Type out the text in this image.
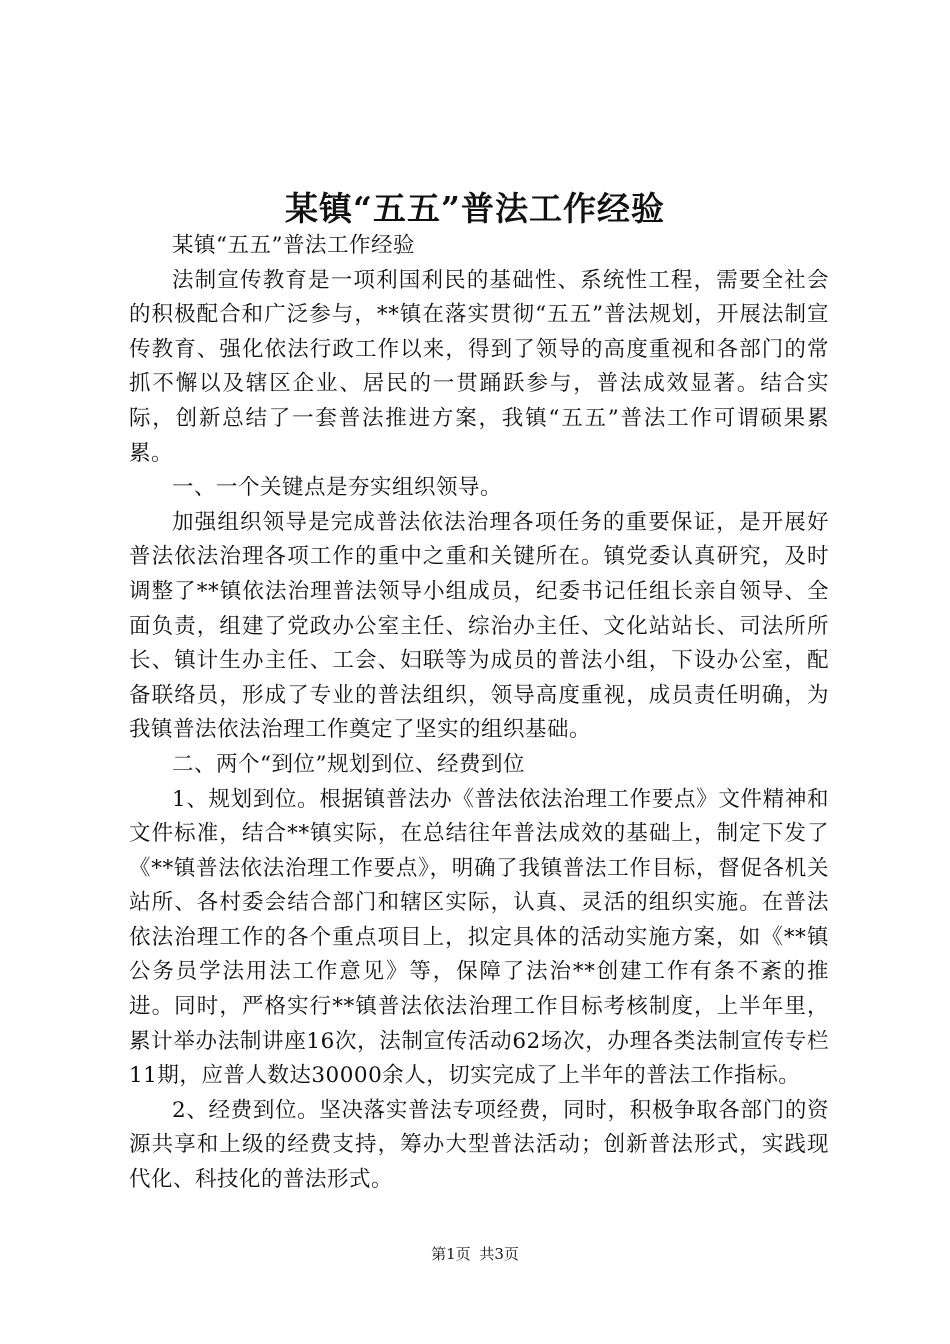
某镇“五五”普法工作经验

某镇“五五”普法工作经验

法制宣传教育是一项利国利民的基础性、系统性工程，需要全社会的积极配合和广泛参与，**镇在落实贯彻“五五”普法规划，开展法制宣传教育、强化依法行政工作以来，得到了领导的高度重视和各部门的常抓不懈以及辖区企业、居民的一贯踊跃参与，普法成效显著。结合实际，创新总结了一套普法推进方案，我镇“五五”普法工作可谓硕果累累。

一、一个关键点是夯实组织领导。

加强组织领导是完成普法依法治理各项任务的重要保证，是开展好普法依法治理各项工作的重中之重和关键所在。镇党委认真研究，及时调整了**镇依法治理普法领导小组成员，纪委书记任组长亲自领导、全面负责，组建了党政办公室主任、综治办主任、文化站站长、司法所所长、镇计生办主任、工会、妇联等为成员的普法小组，下设办公室，配备联络员，形成了专业的普法组织，领导高度重视，成员责任明确，为我镇普法依法治理工作奠定了坚实的组织基础。

二、两个“到位”规划到位、经费到位

1、规划到位。根据镇普法办《普法依法治理工作要点》文件精神和文件标准，结合**镇实际，在总结往年普法成效的基础上，制定下发了《**镇普法依法治理工作要点》，明确了我镇普法工作目标，督促各机关站所、各村委会结合部门和辖区实际，认真、灵活的组织实施。在普法依法治理工作的各个重点项目上，拟定具体的活动实施方案，如《**镇公务员学法用法工作意见》等，保障了法治**创建工作有条不紊的推进。同时，严格实行**镇普法依法治理工作目标考核制度，上半年里，累计举办法制讲座16次，法制宣传活动62场次，办理各类法制宣传专栏11期，应普人数达30000余人，切实完成了上半年的普法工作指标。

2、经费到位。坚决落实普法专项经费，同时，积极争取各部门的资源共享和上级的经费支持，筹办大型普法活动；创新普法形式，实践现代化、科技化的普法形式。

第1页 共3页
